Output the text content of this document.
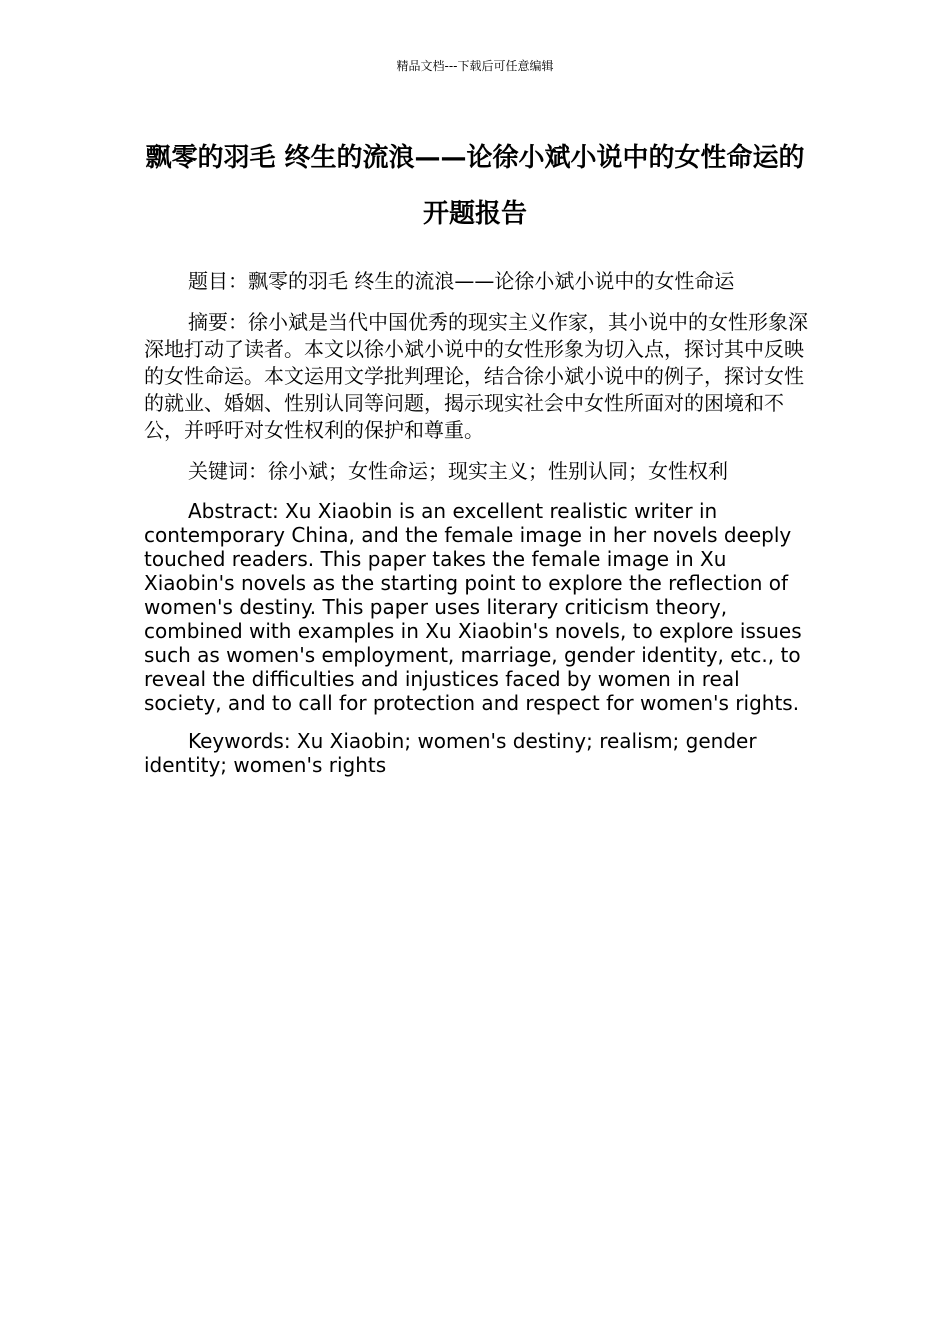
精品文档---下载后可任意编辑
飘零的羽毛 终生的流浪——论徐小斌小说中的女性命运的开题报告

题目：飘零的羽毛 终生的流浪——论徐小斌小说中的女性命运

摘要：徐小斌是当代中国优秀的现实主义作家，其小说中的女性形象深深地打动了读者。本文以徐小斌小说中的女性形象为切入点，探讨其中反映的女性命运。本文运用文学批判理论，结合徐小斌小说中的例子，探讨女性的就业、婚姻、性别认同等问题，揭示现实社会中女性所面对的困境和不公，并呼吁对女性权利的保护和尊重。

关键词：徐小斌；女性命运；现实主义；性别认同；女性权利

Abstract: Xu Xiaobin is an excellent realistic writer in contemporary China, and the female image in her novels deeply touched readers. This paper takes the female image in Xu Xiaobin's novels as the starting point to explore the reflection of women's destiny. This paper uses literary criticism theory, combined with examples in Xu Xiaobin's novels, to explore issues such as women's employment, marriage, gender identity, etc., to reveal the difficulties and injustices faced by women in real society, and to call for protection and respect for women's rights.

Keywords: Xu Xiaobin; women's destiny; realism; gender identity; women's rights
